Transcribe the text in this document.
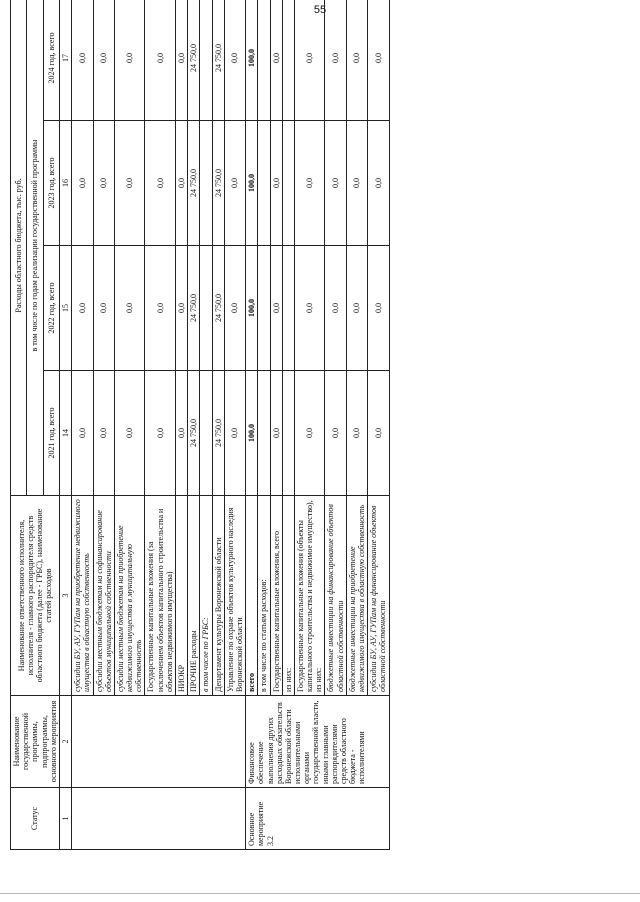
55
Статус	Наименование государственной программы, подпрограммы, основного мероприятия	Наименование ответственного исполнителя, исполнителя - главного распорядителя средств областного бюджета (далее - ГРБС), наименование статей расходов	Расходы областного бюджета, тыс. руб.			
			в том числе по годам реализации государственной программы			
			2021 год, всего	2022 год, всего	2023 год, всего	2024 год, всего
1	2	3	14	15	16	17
		субсидии БУ, АУ, ГУПам на приобретение недвижимого имущества в областную собственность	0,0	0,0	0,0	0,0
		субсидии местным бюджетам на софинансирование объектов муниципальной собственности	0,0	0,0	0,0	0,0
		субсидии местным бюджетам на приобретение недвижимого имущества в муниципальную собственность	0,0	0,0	0,0	0,0
		Государственные капитальные вложения (за исключением объектов капитального строительства и объектов недвижимого имущества)	0,0	0,0	0,0	0,0
		НИОКР	0,0	0,0	0,0	0,0
		ПРОЧИЕ расходы	24 750,0	24 750,0	24 750,0	24 750,0
		в том числе по ГРБС:				
		Департамент культуры Воронежской области	24 750,0	24 750,0	24 750,0	24 750,0
		Управление по охране объектов культурного наследия Воронежской области	0,0	0,0	0,0	0,0
Основное мероприятие 3.2	Финансовое обеспечение выполнения других расходных обязательств Воронежской области исполнительными органами государственной власти, иными главными распорядителями средств областного бюджета - исполнителями	всего	100,0	100,0	100,0	100,0
		в том числе по статьям расходов:				
		Государственные капитальные вложения, всего	0,0	0,0	0,0	0,0
		из них:				
		Государственные капитальные вложения (объекты капитального строительства и недвижимое имущество), из них:	0,0	0,0	0,0	0,0
		бюджетные инвестиции на финансирование объектов областной собственности	0,0	0,0	0,0	0,0
		бюджетные инвестиции на приобретение недвижимого имущества в областную собственность	0,0	0,0	0,0	0,0
		субсидии БУ, АУ, ГУПам на финансирование объектов областной собственности	0,0	0,0	0,0	0,0
